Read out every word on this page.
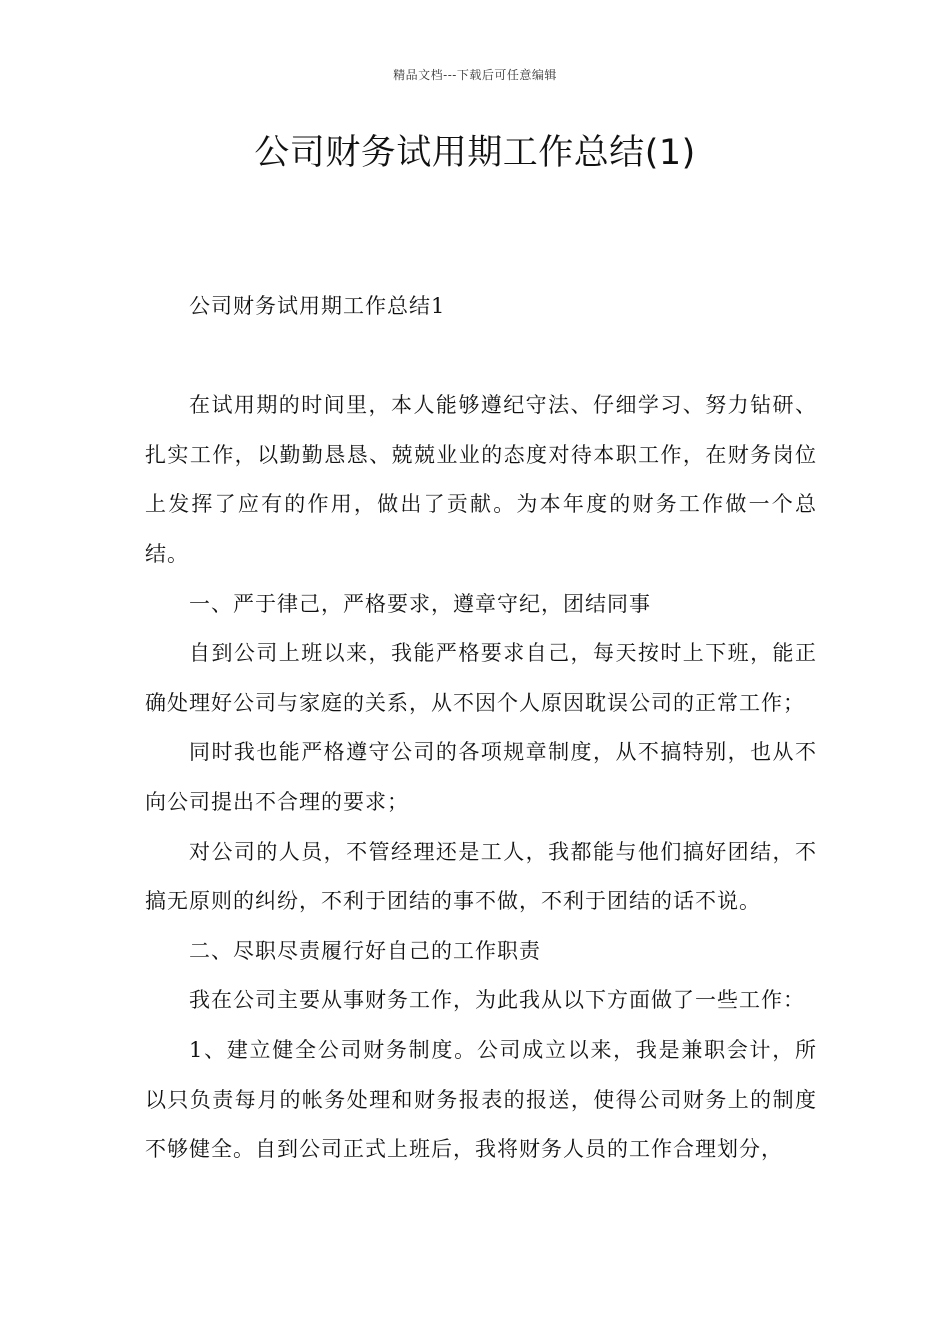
精品文档---下载后可任意编辑
公司财务试用期工作总结(1)

公司财务试用期工作总结1

在试用期的时间里，本人能够遵纪守法、仔细学习、努力钻研、扎实工作，以勤勤恳恳、兢兢业业的态度对待本职工作，在财务岗位上发挥了应有的作用，做出了贡献。为本年度的财务工作做一个总结。

一、严于律己，严格要求，遵章守纪，团结同事

自到公司上班以来，我能严格要求自己，每天按时上下班，能正确处理好公司与家庭的关系，从不因个人原因耽误公司的正常工作；

同时我也能严格遵守公司的各项规章制度，从不搞特别，也从不向公司提出不合理的要求；

对公司的人员，不管经理还是工人，我都能与他们搞好团结，不搞无原则的纠纷，不利于团结的事不做，不利于团结的话不说。

二、尽职尽责履行好自己的工作职责

我在公司主要从事财务工作，为此我从以下方面做了一些工作：

1、建立健全公司财务制度。公司成立以来，我是兼职会计，所以只负责每月的帐务处理和财务报表的报送，使得公司财务上的制度不够健全。自到公司正式上班后，我将财务人员的工作合理划分，
